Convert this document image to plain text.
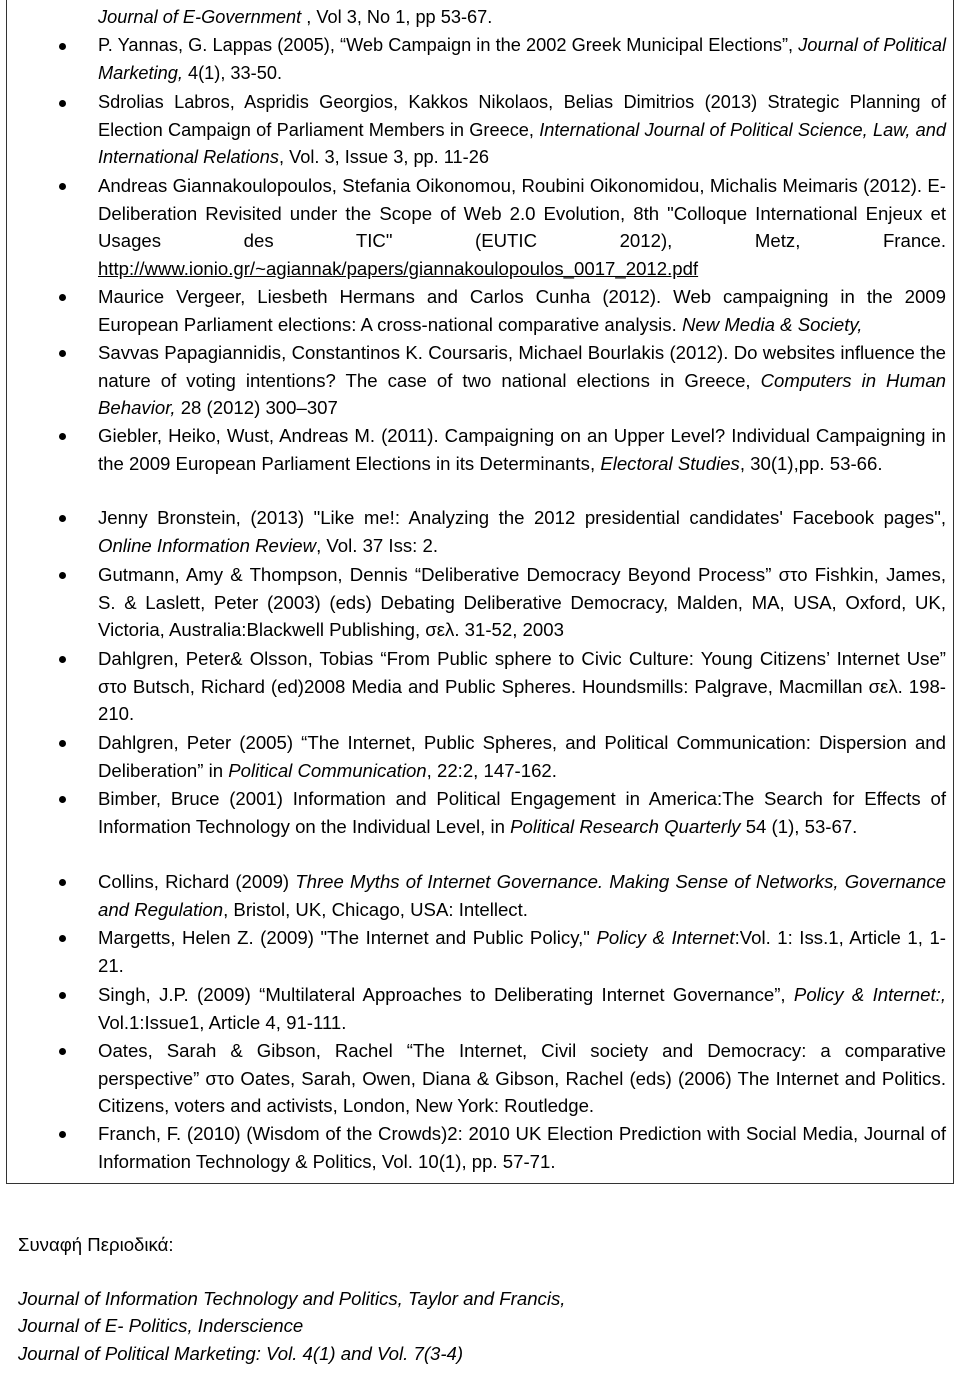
Journal of E-Government , Vol 3, No 1, pp 53-67.
P. Yannas, G. Lappas (2005), “Web Campaign in the 2002 Greek Municipal Elections”, Journal of Political Marketing, 4(1), 33-50.
Sdrolias Labros, Aspridis Georgios, Kakkos Nikolaos, Belias Dimitrios (2013) Strategic Planning of Election Campaign of Parliament Members in Greece, International Journal of Political Science, Law, and International Relations, Vol. 3, Issue 3, pp. 11-26
Andreas Giannakoulopoulos, Stefania Oikonomou, Roubini Oikonomidou, Michalis Meimaris (2012). E-Deliberation Revisited under the Scope of Web 2.0 Evolution, 8th "Colloque International Enjeux et Usages des TIC" (EUTIC 2012), Metz, France. http://www.ionio.gr/~agiannak/papers/giannakoulopoulos_0017_2012.pdf
Maurice Vergeer, Liesbeth Hermans and Carlos Cunha (2012). Web campaigning in the 2009 European Parliament elections: A cross-national comparative analysis. New Media & Society,
Savvas Papagiannidis, Constantinos K. Coursaris, Michael Bourlakis (2012). Do websites influence the nature of voting intentions? The case of two national elections in Greece, Computers in Human Behavior, 28 (2012) 300–307
Giebler, Heiko, Wust, Andreas M. (2011). Campaigning on an Upper Level? Individual Campaigning in the 2009 European Parliament Elections in its Determinants, Electoral Studies, 30(1),pp. 53-66.
Jenny Bronstein, (2013) "Like me!: Analyzing the 2012 presidential candidates' Facebook pages", Online Information Review, Vol. 37 Iss: 2.
Gutmann, Amy & Thompson, Dennis “Deliberative Democracy Beyond Process” στο Fishkin, James, S. & Laslett, Peter (2003) (eds) Debating Deliberative Democracy, Malden, MA, USA, Oxford, UK, Victoria, Australia:Blackwell Publishing, σελ. 31-52, 2003
Dahlgren, Peter& Olsson, Tobias “From Public sphere to Civic Culture: Young Citizens’ Internet Use” στο Butsch, Richard (ed)2008 Media and Public Spheres. Houndsmills: Palgrave, Macmillan σελ. 198-210.
Dahlgren, Peter (2005) “The Internet, Public Spheres, and Political Communication: Dispersion and Deliberation” in Political Communication, 22:2, 147-162.
Bimber, Bruce (2001) Information and Political Engagement in America:The Search for Effects of Information Technology on the Individual Level, in Political Research Quarterly 54 (1), 53-67.
Collins, Richard (2009) Three Myths of Internet Governance. Making Sense of Networks, Governance and Regulation, Bristol, UK, Chicago, USA: Intellect.
Margetts, Helen Z. (2009) "The Internet and Public Policy," Policy & Internet:Vol. 1: Iss.1, Article 1, 1-21.
Singh, J.P. (2009) “Multilateral Approaches to Deliberating Internet Governance”, Policy & Internet:, Vol.1:Issue1, Article 4, 91-111.
Oates, Sarah & Gibson, Rachel “The Internet, Civil society and Democracy: a comparative perspective” στο Oates, Sarah, Owen, Diana & Gibson, Rachel (eds) (2006) The Internet and Politics. Citizens, voters and activists, London, New York: Routledge.
Franch, F. (2010) (Wisdom of the Crowds)2: 2010 UK Election Prediction with Social Media, Journal of Information Technology & Politics, Vol. 10(1), pp. 57-71.
Συναφή Περιοδικά:
Journal of Information Technology and Politics, Taylor and Francis,
Journal of E- Politics, Inderscience
Journal of Political Marketing: Vol. 4(1) and Vol. 7(3-4)
